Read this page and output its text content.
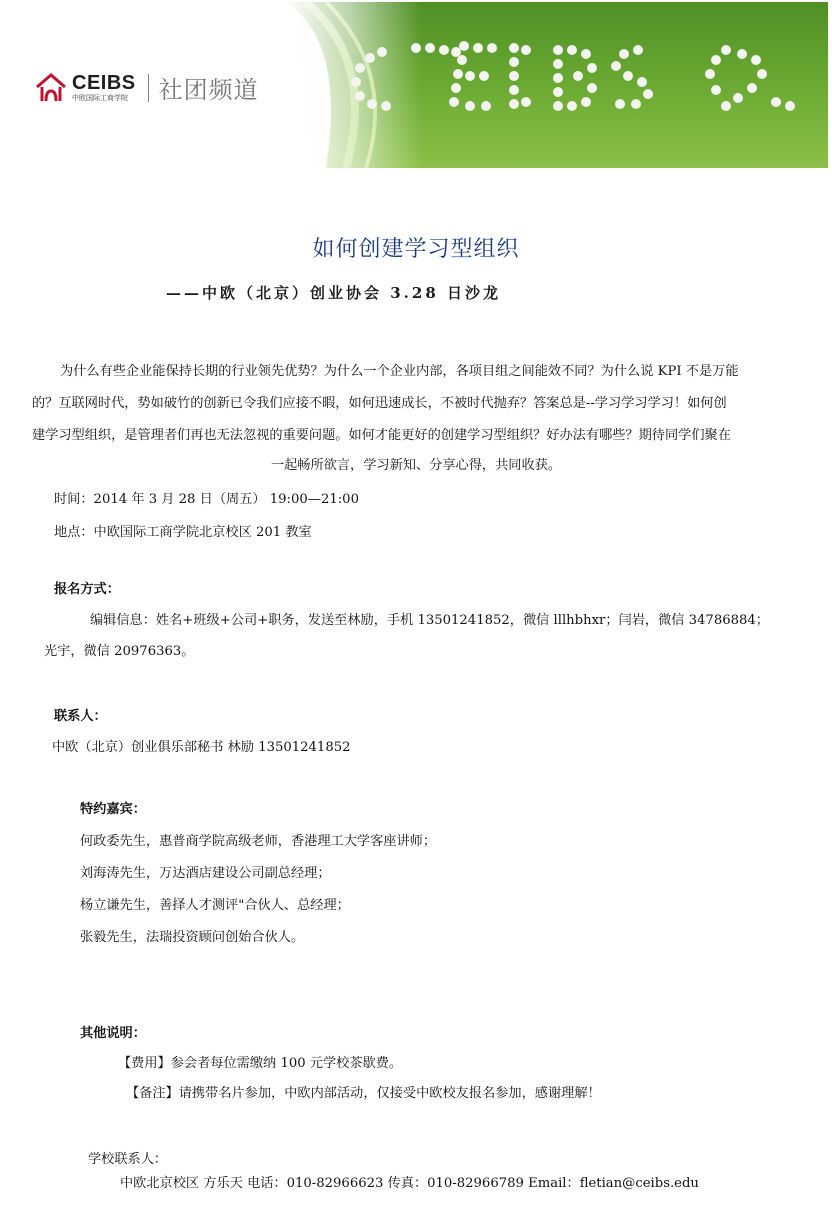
CEIBS
中欧国际工商学院	社团频道
如何创建学习型组织
——中欧（北京）创业协会 3.28 日沙龙
为什么有些企业能保持长期的行业领先优势？为什么一个企业内部，各项目组之间能效不同？为什么说 KPI 不是万能
的？互联网时代，势如破竹的创新已令我们应接不暇，如何迅速成长，不被时代抛弃？答案总是--学习学习学习！如何创
建学习型组织，是管理者们再也无法忽视的重要问题。如何才能更好的创建学习型组织？好办法有哪些？期待同学们聚在
一起畅所欲言，学习新知、分享心得，共同收获。
时间：2014 年 3 月 28 日（周五） 19:00—21:00
地点：中欧国际工商学院北京校区 201 教室
报名方式：
编辑信息：姓名+班级+公司+职务，发送至林励，手机 13501241852，微信 lllhbhxr；闫岩，微信 34786884；
光宇，微信 20976363。
联系人：
中欧（北京）创业俱乐部秘书 林励 13501241852
特约嘉宾：
何政委先生，惠普商学院高级老师，香港理工大学客座讲师；
刘海涛先生，万达酒店建设公司副总经理；
杨立谦先生，善择人才测评"合伙人、总经理；
张毅先生，法瑞投资顾问创始合伙人。
其他说明：
【费用】参会者每位需缴纳 100 元学校茶歇费。
【备注】请携带名片参加，中欧内部活动，仅接受中欧校友报名参加，感谢理解！
学校联系人：
中欧北京校区 方乐天 电话：010-82966623 传真：010-82966789 Email：fletian@ceibs.edu
